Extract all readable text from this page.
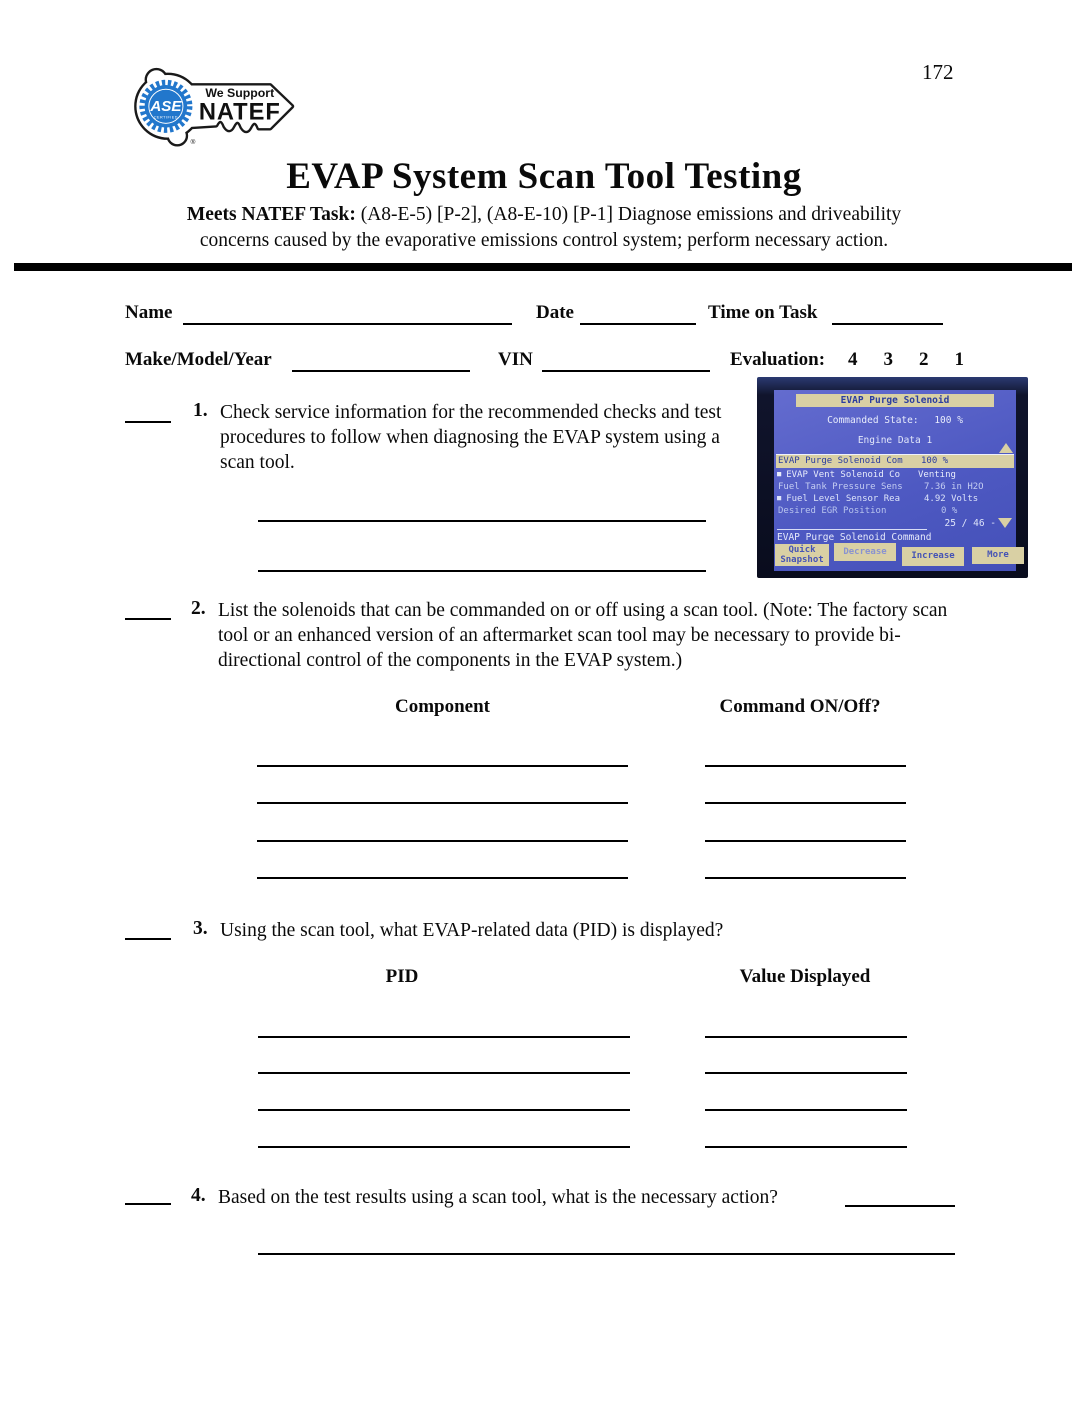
ASE
CERTIFIED
We Support
NATEF
®
172
EVAP System Scan Tool Testing
Meets NATEF Task: (A8-E-5) [P-2], (A8-E-10) [P-1] Diagnose emissions and driveability
concerns caused by the evaporative emissions control system; perform necessary action.
Name	Date	Time on Task
Make/Model/Year	VIN	Evaluation: 4 3 2 1
1. Check service information for the recommended checks and test procedures to follow when diagnosing the EVAP system using a scan tool.
EVAP Purge Solenoid
Commanded State: 100 %
Engine Data 1
EVAP Purge Solenoid Com 100 %
■ EVAP Vent Solenoid Co Venting
Fuel Tank Pressure Sens 7.36 in H2O
■ Fuel Level Sensor Rea	4.92 Volts
Desired EGR Position	0 %
25 / 46 -
EVAP Purge Solenoid Command
Quick Snapshot
Decrease	Increase	More
2. List the solenoids that can be commanded on or off using a scan tool. (Note: The factory scan tool or an enhanced version of an aftermarket scan tool may be necessary to provide bi-directional control of the components in the EVAP system.)
Component	Command ON/Off?
3. Using the scan tool, what EVAP-related data (PID) is displayed?
PID	Value Displayed
4. Based on the test results using a scan tool, what is the necessary action?
